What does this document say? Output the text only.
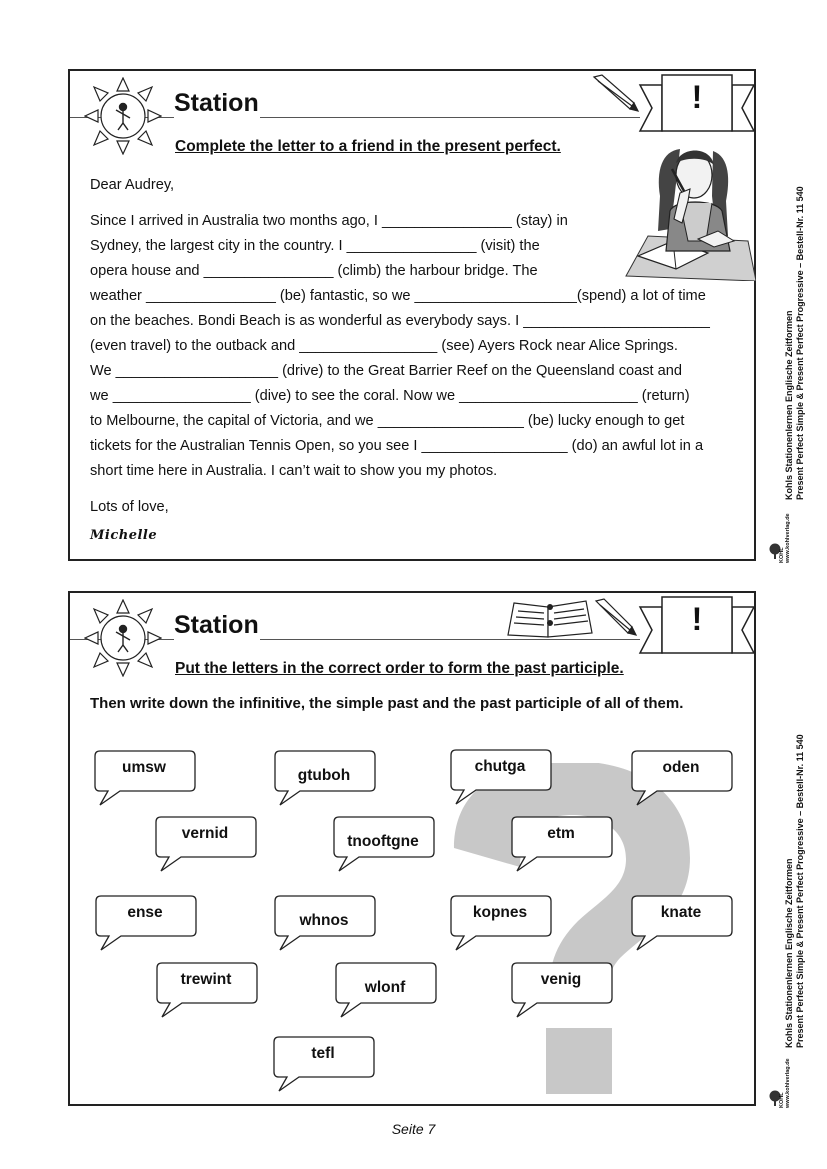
Station	!
Complete the letter to a friend in the present perfect.

Dear Audrey,

Since I arrived in Australia two months ago, I ________________ (stay) in

Sydney, the largest city in the country. I ________________ (visit) the

opera house and ________________ (climb) the harbour bridge. The

weather ________________ (be) fantastic, so we ____________________(spend) a lot of time

on the beaches. Bondi Beach is as wonderful as everybody says. I _______________________

(even travel) to the outback and _________________ (see) Ayers Rock near Alice Springs.

We ____________________ (drive) to the Great Barrier Reef on the Queensland coast and

we _________________ (dive) to see the coral. Now we ______________________ (return)

to Melbourne, the capital of Victoria, and we __________________ (be) lucky enough to get

tickets for the Australian Tennis Open, so you see I __________________ (do) an awful lot in a

short time here in Australia. I can’t wait to show you my photos.

Lots of love,

Michelle

Station	!
Put the letters in the correct order to form the past participle.
Then write down the infinitive, the simple past and the past participle of all of them.
umsw	gtuboh
chutga	oden
vernid	tnooftgne	etm
ense	whnos	kopnes	knate
trewint	wlonf	venig
tefl
Kohls Stationenlernen Englische Zeitformen Present Perfect Simple & Present Perfect Progressive – Bestell-Nr. 11 540
KOHL www.kohlverlag.de
Kohls Stationenlernen Englische Zeitformen Present Perfect Simple & Present Perfect Progressive – Bestell-Nr. 11 540
KOHL www.kohlverlag.de
Seite 7
